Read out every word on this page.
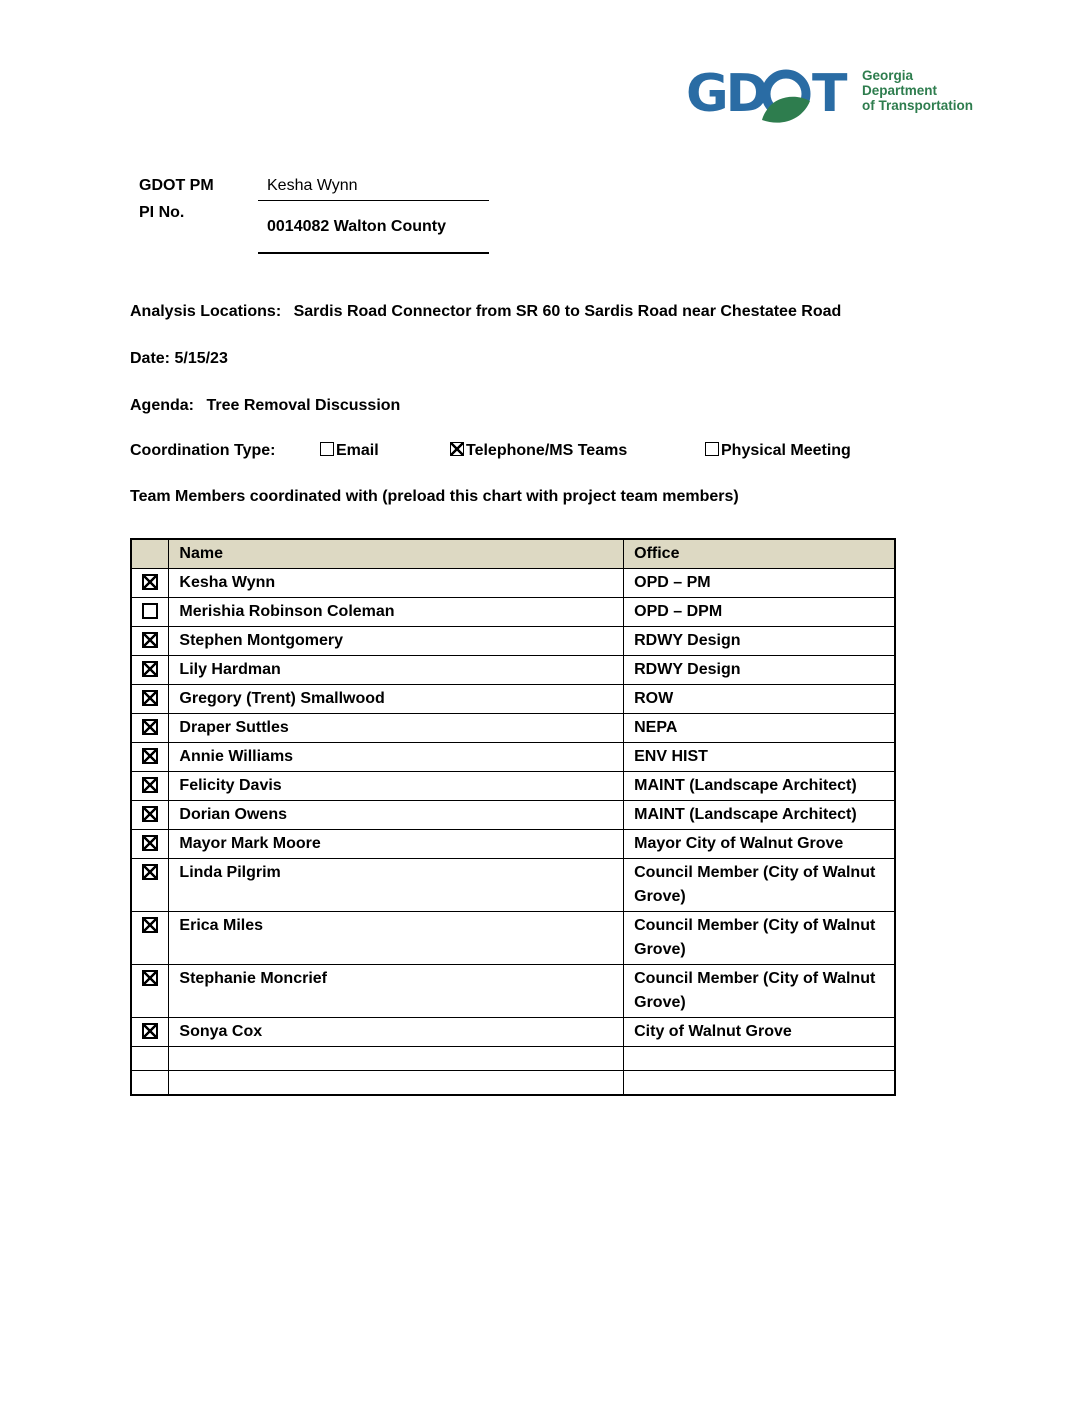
GD T Georgia
Department
of Transportation
GDOT PM	Kesha Wynn
PI No.
0014082 Walton County
Analysis Locations: Sardis Road Connector from SR 60 to Sardis Road near Chestatee Road
Date: 5/15/23
Agenda: Tree Removal Discussion
Coordination Type:	Email	Telephone/MS Teams	Physical Meeting
Team Members coordinated with (preload this chart with project team members)
	Name	Office
	Kesha Wynn	OPD – PM
	Merishia Robinson Coleman	OPD – DPM
	Stephen Montgomery	RDWY Design
	Lily Hardman	RDWY Design
	Gregory (Trent) Smallwood	ROW
	Draper Suttles	NEPA
	Annie Williams	ENV HIST
	Felicity Davis	MAINT (Landscape Architect)
	Dorian Owens	MAINT (Landscape Architect)
	Mayor Mark Moore	Mayor City of Walnut Grove
	Linda Pilgrim	Council Member (City of Walnut Grove)
	Erica Miles	Council Member (City of Walnut Grove)
	Stephanie Moncrief	Council Member (City of Walnut Grove)
	Sonya Cox	City of Walnut Grove
